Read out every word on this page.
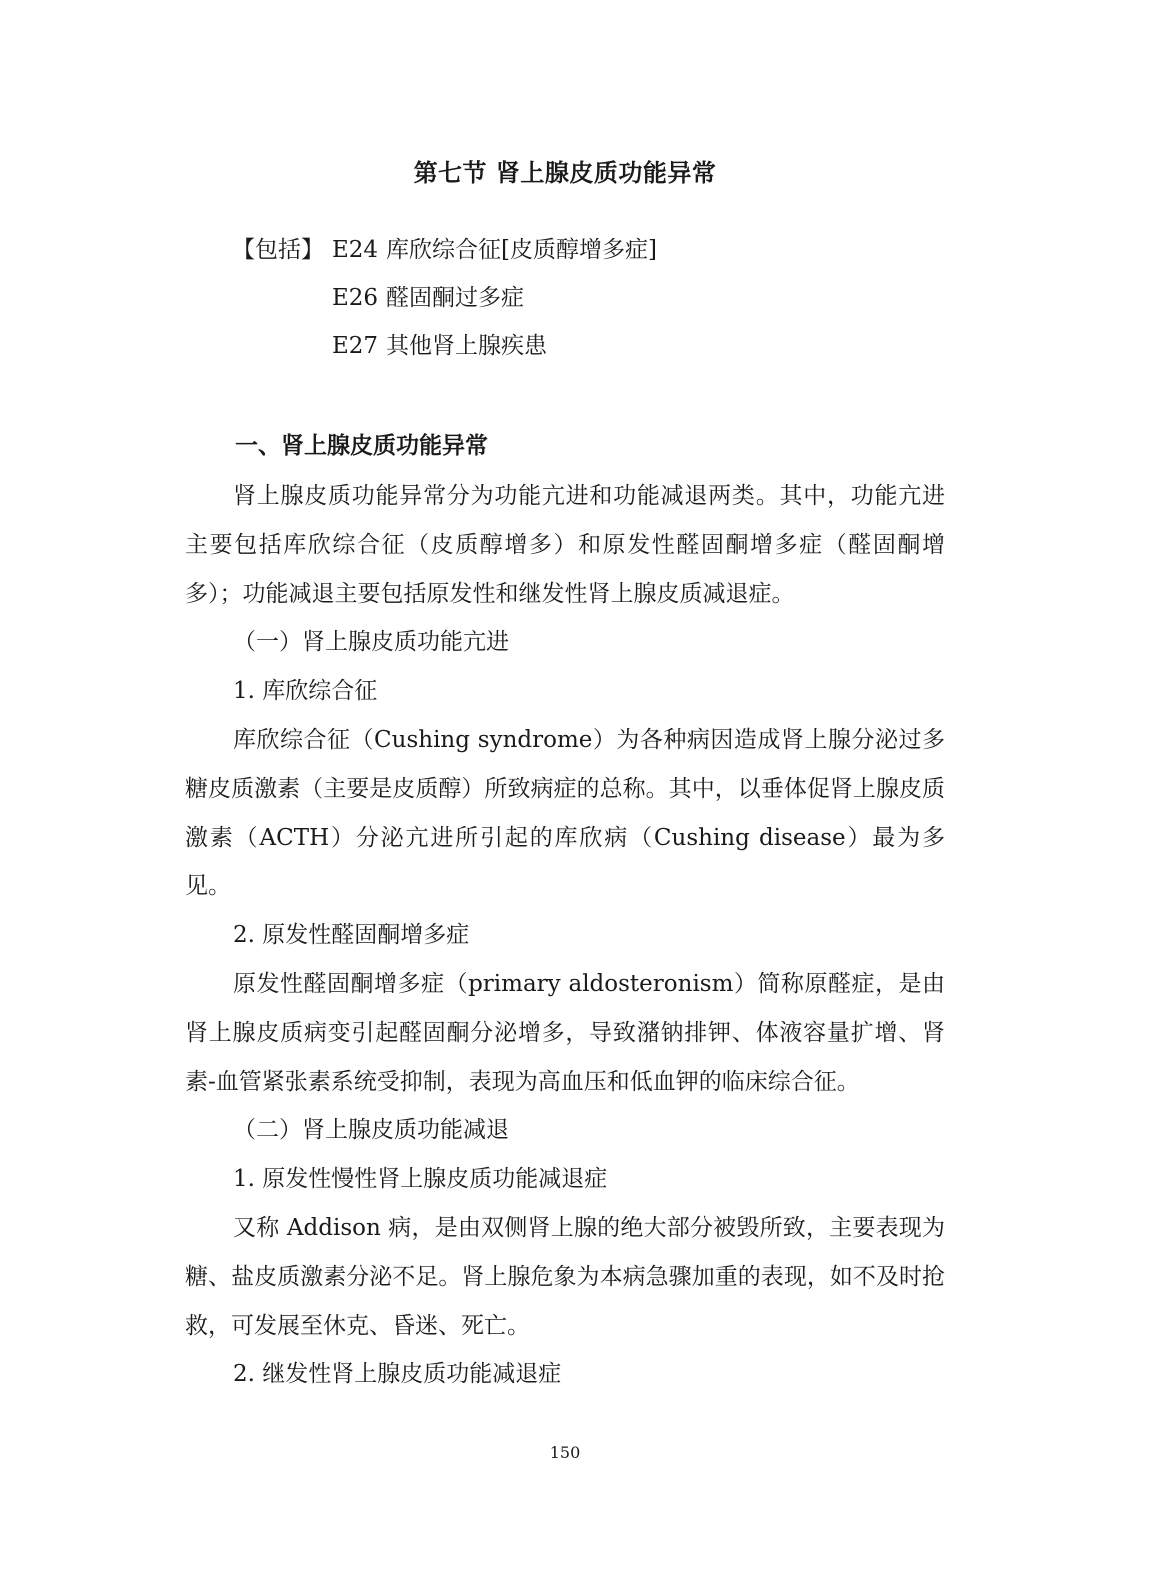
第七节 肾上腺皮质功能异常
【包括】 E24 库欣综合征[皮质醇增多症]
E26 醛固酮过多症
E27 其他肾上腺疾患
一、肾上腺皮质功能异常

肾上腺皮质功能异常分为功能亢进和功能减退两类。其中，功能亢进主要包括库欣综合征（皮质醇增多）和原发性醛固酮增多症（醛固酮增多）；功能减退主要包括原发性和继发性肾上腺皮质减退症。

（一）肾上腺皮质功能亢进

1. 库欣综合征

库欣综合征（Cushing syndrome）为各种病因造成肾上腺分泌过多糖皮质激素（主要是皮质醇）所致病症的总称。其中，以垂体促肾上腺皮质激素（ACTH）分泌亢进所引起的库欣病（Cushing disease）最为多见。

2. 原发性醛固酮增多症

原发性醛固酮增多症（primary aldosteronism）简称原醛症，是由肾上腺皮质病变引起醛固酮分泌增多，导致潴钠排钾、体液容量扩增、肾素-血管紧张素系统受抑制，表现为高血压和低血钾的临床综合征。

（二）肾上腺皮质功能减退

1. 原发性慢性肾上腺皮质功能减退症

又称 Addison 病，是由双侧肾上腺的绝大部分被毁所致，主要表现为糖、盐皮质激素分泌不足。肾上腺危象为本病急骤加重的表现，如不及时抢救，可发展至休克、昏迷、死亡。

2. 继发性肾上腺皮质功能减退症

150
